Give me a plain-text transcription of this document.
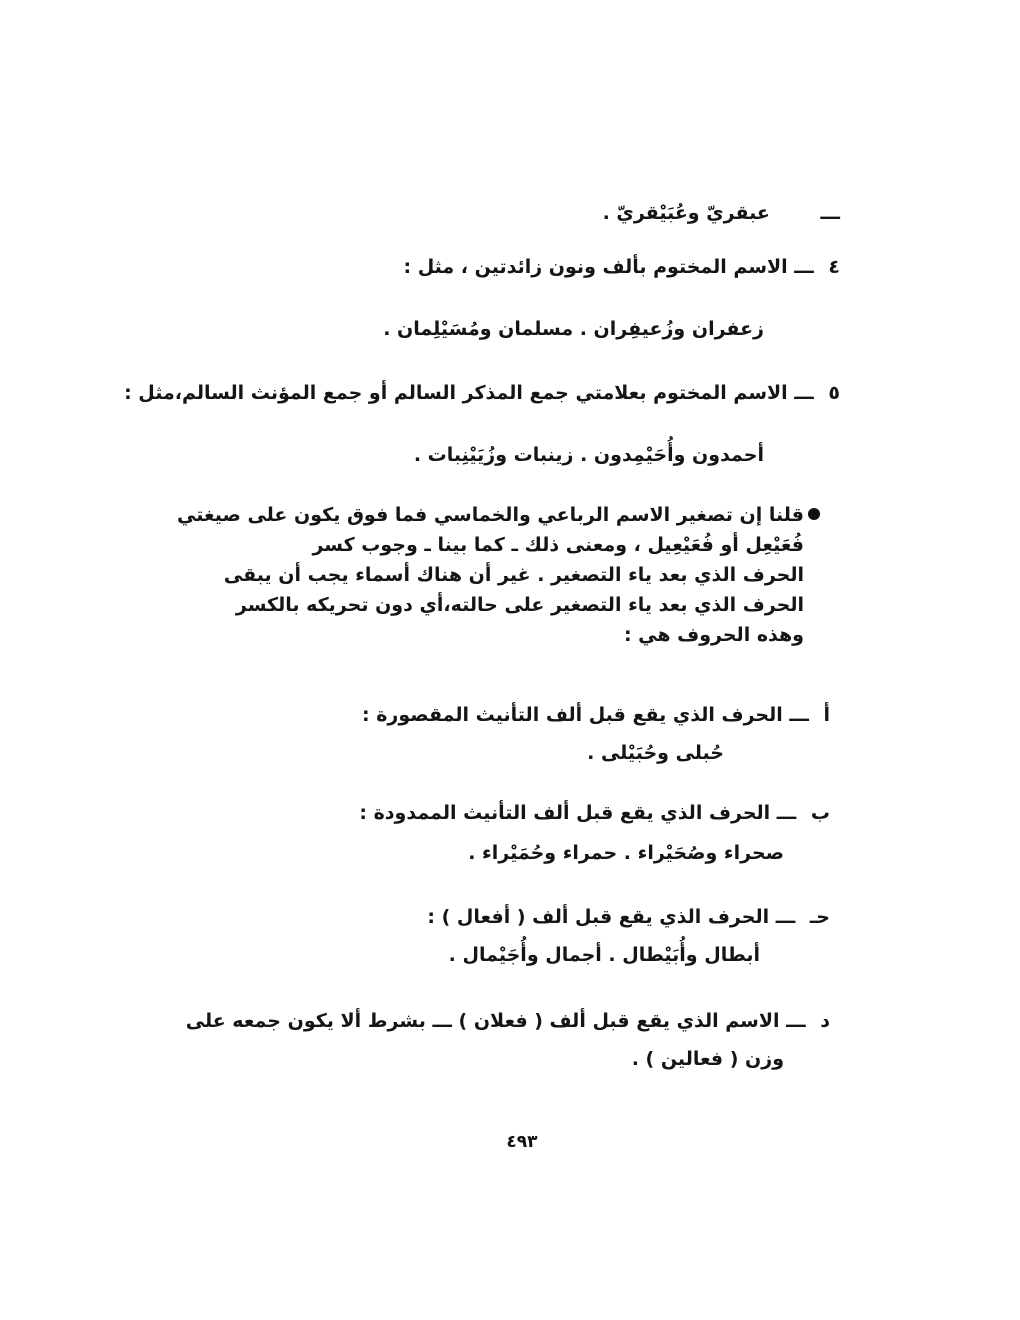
ـــ عبقريّ وعُبَيْقريّ .
٤ ـــ الاسم المختوم بألف ونون زائدتين ، مثل :
زعفران وزُعيفِران . مسلمان ومُسَيْلِمان .
٥ ـــ الاسم المختوم بعلامتي جمع المذكر السالم أو جمع المؤنث السالم،مثل :
أحمدون وأُحَيْمِدون . زينبات وزُيَيْنِبات .
قلنا إن تصغير الاسم الرباعي والخماسي فما فوق يكون على صيغتي
فُعَيْعِل أو فُعَيْعِيل ، ومعنى ذلك ـ كما بينا ـ وجوب كسر
الحرف الذي بعد ياء التصغير . غير أن هناك أسماء يجب أن يبقى
الحرف الذي بعد ياء التصغير على حالته،أي دون تحريكه بالكسر
وهذه الحروف هي :
أ ـــ الحرف الذي يقع قبل ألف التأنيث المقصورة :
حُبلى وحُبَيْلى .
ب ـــ الحرف الذي يقع قبل ألف التأنيث الممدودة :
صحراء وصُحَيْراء . حمراء وحُمَيْراء .
حـ ـــ الحرف الذي يقع قبل ألف ( أفعال ) :
أبطال وأُبَيْطال . أجمال وأُجَيْمال .
د ـــ الاسم الذي يقع قبل ألف ( فعلان ) ـــ بشرط ألا يكون جمعه على
وزن ( فعالين ) .
٤٩٣
